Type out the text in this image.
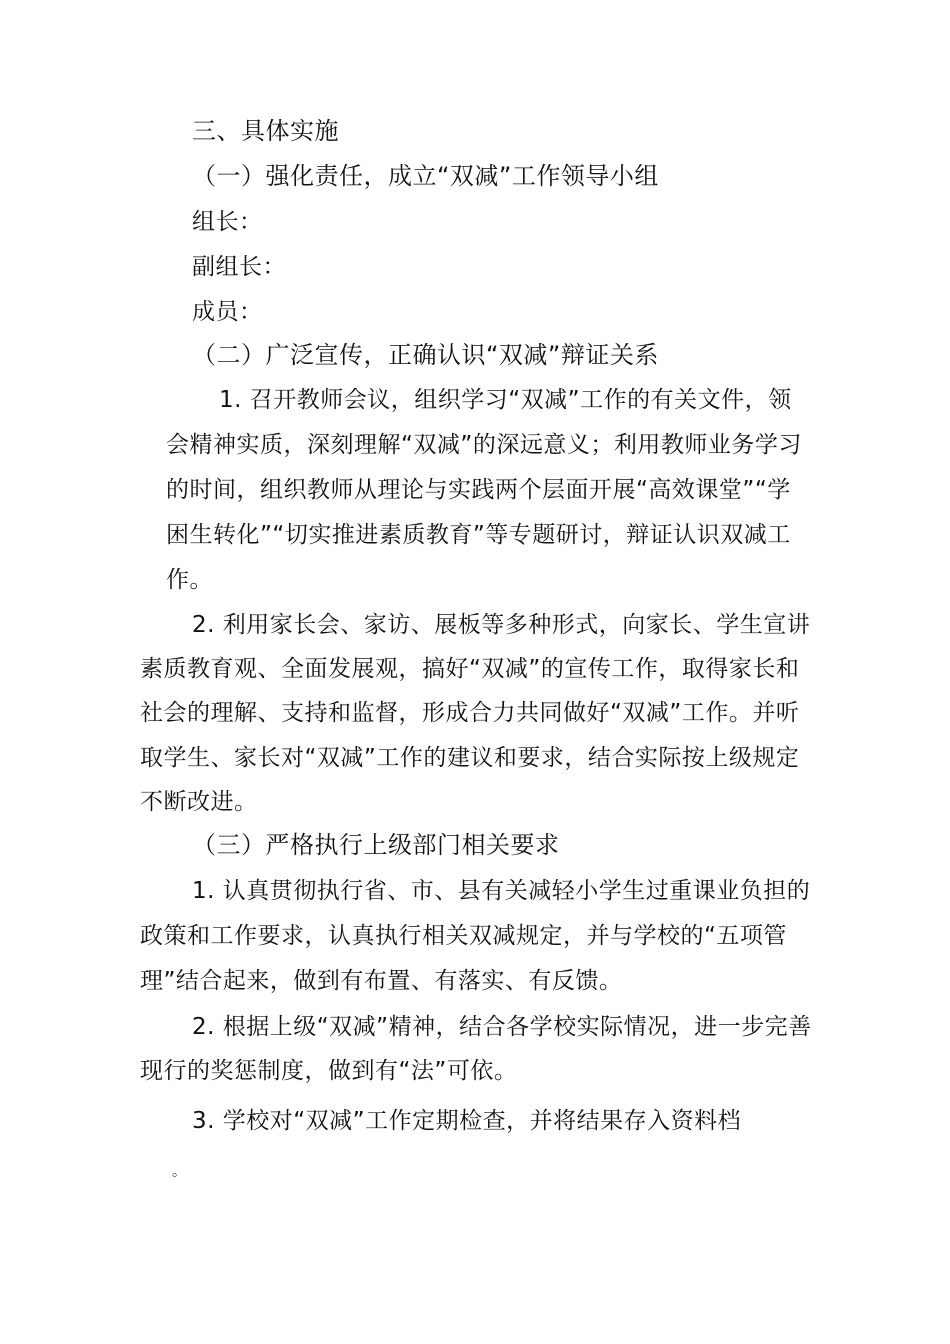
三、具体实施
（一）强化责任，成立“双减”工作领导小组
组长：
副组长：
成员：
（二）广泛宣传，正确认识“双减”辩证关系
1. 召开教师会议，组织学习“双减”工作的有关文件，领
会精神实质，深刻理解“双减”的深远意义；利用教师业务学习
的时间，组织教师从理论与实践两个层面开展“高效课堂”“学
困生转化”“切实推进素质教育”等专题研讨，辩证认识双减工
作。
2. 利用家长会、家访、展板等多种形式，向家长、学生宣讲
素质教育观、全面发展观，搞好“双减”的宣传工作，取得家长和
社会的理解、支持和监督，形成合力共同做好“双减”工作。并听
取学生、家长对“双减”工作的建议和要求，结合实际按上级规定
不断改进。
（三）严格执行上级部门相关要求
1. 认真贯彻执行省、市、县有关减轻小学生过重课业负担的
政策和工作要求，认真执行相关双减规定，并与学校的“五项管
理”结合起来，做到有布置、有落实、有反馈。
2. 根据上级“双减”精神，结合各学校实际情况，进一步完善
现行的奖惩制度，做到有“法”可依。
3. 学校对“双减”工作定期检查，并将结果存入资料档
。
